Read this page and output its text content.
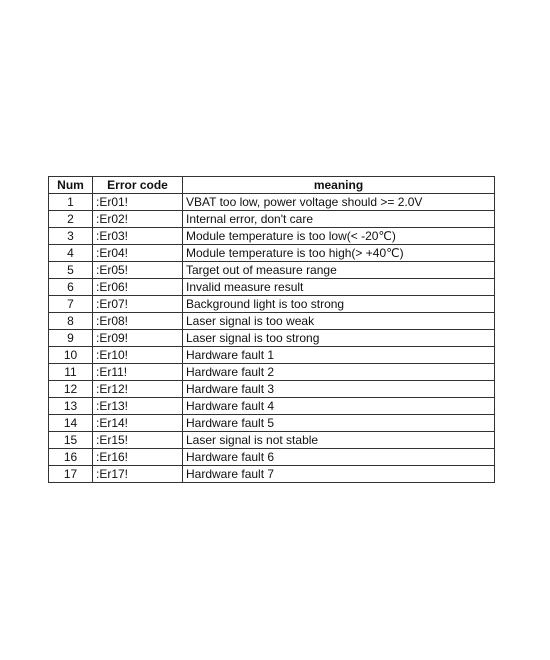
Num	Error code	meaning
1	:Er01!	VBAT too low, power voltage should >= 2.0V
2	:Er02!	Internal error, don't care
3	:Er03!	Module temperature is too low(< -20℃)
4	:Er04!	Module temperature is too high(> +40℃)
5	:Er05!	Target out of measure range
6	:Er06!	Invalid measure result
7	:Er07!	Background light is too strong
8	:Er08!	Laser signal is too weak
9	:Er09!	Laser signal is too strong
10	:Er10!	Hardware fault 1
11	:Er11!	Hardware fault 2
12	:Er12!	Hardware fault 3
13	:Er13!	Hardware fault 4
14	:Er14!	Hardware fault 5
15	:Er15!	Laser signal is not stable
16	:Er16!	Hardware fault 6
17	:Er17!	Hardware fault 7
